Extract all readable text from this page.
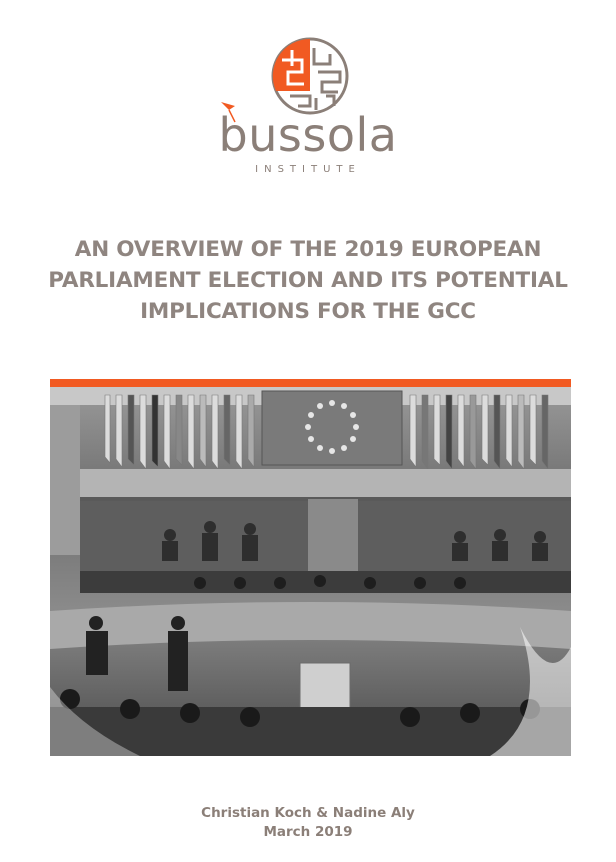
bussola
INSTITUTE
AN OVERVIEW OF THE 2019 EUROPEAN
PARLIAMENT ELECTION AND ITS POTENTIAL
IMPLICATIONS FOR THE GCC
Christian Koch & Nadine Aly
March 2019
